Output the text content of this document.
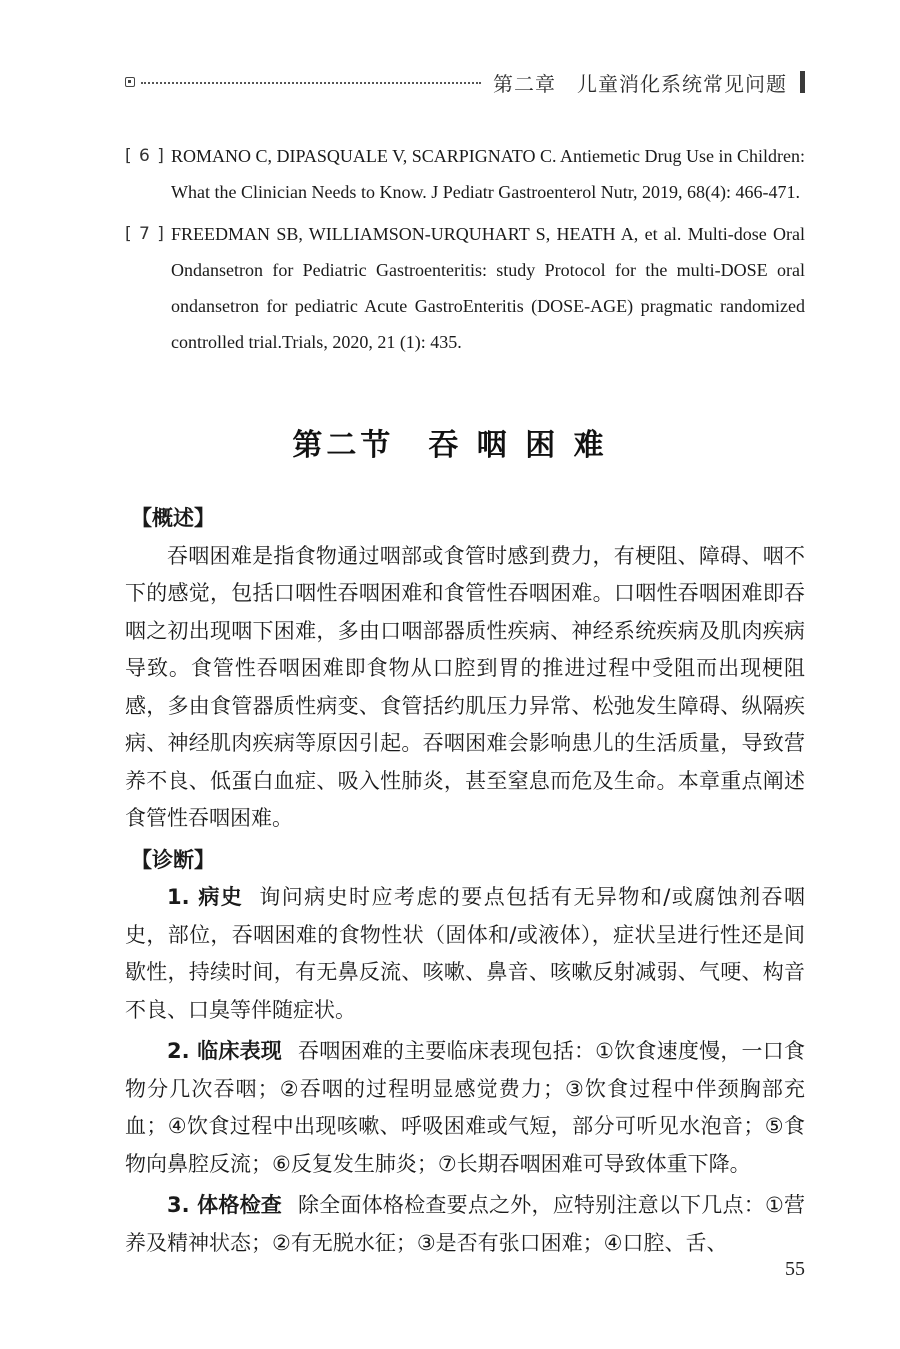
第二章　儿童消化系统常见问题
[ 6 ] ROMANO C, DIPASQUALE V, SCARPIGNATO C. Antiemetic Drug Use in Children: What the Clinician Needs to Know. J Pediatr Gastroenterol Nutr, 2019, 68(4): 466-471.
[ 7 ] FREEDMAN SB, WILLIAMSON-URQUHART S, HEATH A, et al. Multi-dose Oral Ondansetron for Pediatric Gastroenteritis: study Protocol for the multi-DOSE oral ondansetron for pediatric Acute GastroEnteritis (DOSE-AGE) pragmatic randomized controlled trial.Trials, 2020, 21 (1): 435.
第二节　吞 咽 困 难

【概述】

吞咽困难是指食物通过咽部或食管时感到费力，有梗阻、障碍、咽不下的感觉，包括口咽性吞咽困难和食管性吞咽困难。口咽性吞咽困难即吞咽之初出现咽下困难，多由口咽部器质性疾病、神经系统疾病及肌肉疾病导致。食管性吞咽困难即食物从口腔到胃的推进过程中受阻而出现梗阻感，多由食管器质性病变、食管括约肌压力异常、松弛发生障碍、纵隔疾病、神经肌肉疾病等原因引起。吞咽困难会影响患儿的生活质量，导致营养不良、低蛋白血症、吸入性肺炎，甚至窒息而危及生命。本章重点阐述食管性吞咽困难。

【诊断】

1. 病史 询问病史时应考虑的要点包括有无异物和/或腐蚀剂吞咽史，部位，吞咽困难的食物性状（固体和/或液体），症状呈进行性还是间歇性，持续时间，有无鼻反流、咳嗽、鼻音、咳嗽反射减弱、气哽、构音不良、口臭等伴随症状。

2. 临床表现 吞咽困难的主要临床表现包括：①饮食速度慢，一口食物分几次吞咽；②吞咽的过程明显感觉费力；③饮食过程中伴颈胸部充血；④饮食过程中出现咳嗽、呼吸困难或气短，部分可听见水泡音；⑤食物向鼻腔反流；⑥反复发生肺炎；⑦长期吞咽困难可导致体重下降。

3. 体格检查 除全面体格检查要点之外，应特别注意以下几点：①营养及精神状态；②有无脱水征；③是否有张口困难；④口腔、舌、

55
